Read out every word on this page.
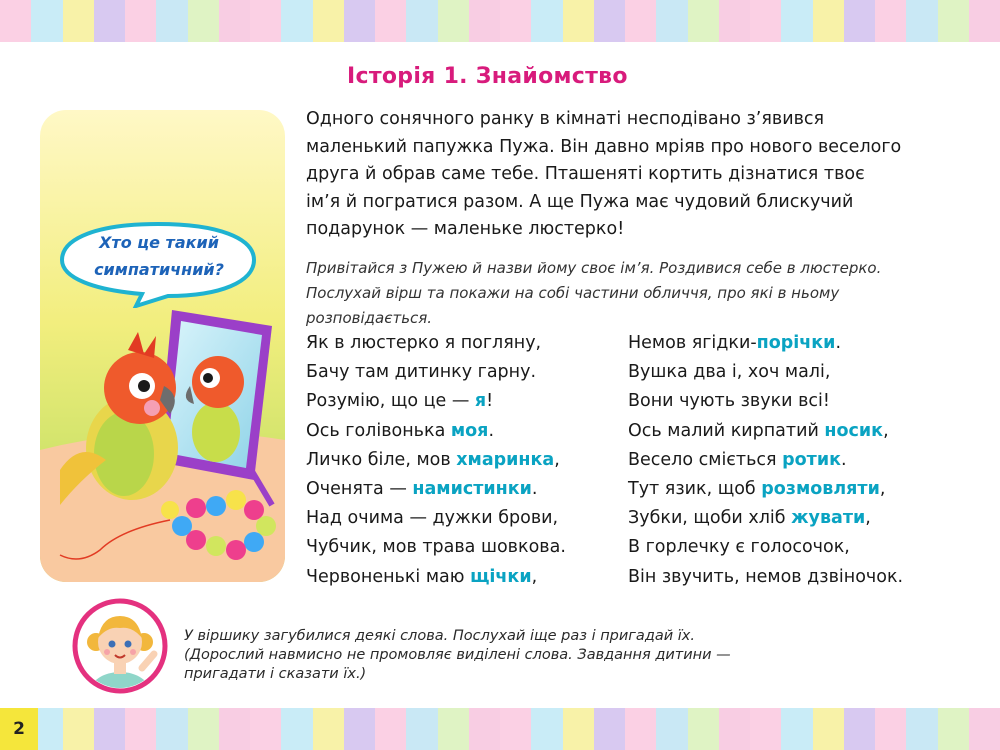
2
Хто це такий
симпатичний?
Історія 1. Знайомство
Одного сонячного ранку в кімнаті несподівано з’явився
маленький папужка Пужа. Він давно мріяв про нового веселого
друга й обрав саме тебе. Пташеняті кортить дізнатися твоє
ім’я й погратися разом. А ще Пужа має чудовий блискучий
подарунок — маленьке люстерко!
Привітайся з Пужею й назви йому своє ім’я. Роздивися себе в люстерко.
Послухай вірш та покажи на собі частини обличчя, про які в ньому
розповідається.
Як в люстерко я погляну,
Бачу там дитинку гарну.
Розумію, що це — я!
Ось голівонька моя.
Личко біле, мов хмаринка,
Оченята — намистинки.
Над очима — дужки брови,
Чубчик, мов трава шовкова.
Червоненькі маю щічки,
Немов ягідки-порічки.
Вушка два і, хоч малі,
Вони чують звуки всі!
Ось малий кирпатий носик,
Весело сміється ротик.
Тут язик, щоб розмовляти,
Зубки, щоби хліб жувати,
В горлечку є голосочок,
Він звучить, немов дзвіночок.
У віршику загубилися деякі слова. Послухай іще раз і пригадай їх.
(Дорослий навмисно не промовляє виділені слова. Завдання дитини —
пригадати і сказати їх.)
